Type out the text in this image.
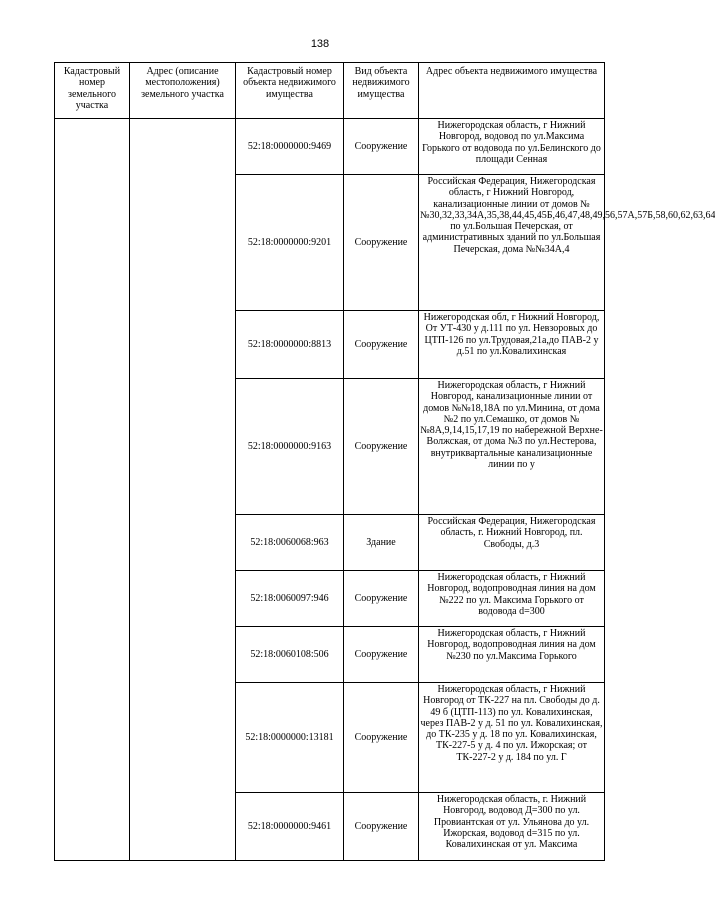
138
Кадастровый номер земельного участка	Адрес (описание местоположения) земельного участка	Кадастровый номер объекта недвижимого имущества	Вид объекта недвижимого имущества	Адрес объекта недвижимого имущества
		52:18:0000000:9469	Сооружение	Нижегородская область, г Нижний Новгород, водовод по ул.Максима Горького от водовода по ул.Белинского до площади Сенная
		52:18:0000000:9201	Сооружение	Российская Федерация, Нижегородская область, г Нижний Новгород, канализационные линии от домов №№30,32,33,34А,35,38,44,45,45Б,46,47,48,49,56,57А,57Б,58,60,62,63,64 по ул.Большая Печерская, от административных зданий по ул.Большая Печерская, дома №№34А,4
		52:18:0000000:8813	Сооружение	Нижегородская обл, г Нижний Новгород, От УТ-430 у д.111 по ул. Невзоровых до ЦТП-126 по ул.Трудовая,21а,до ПАВ-2 у д.51 по ул.Ковалихинская
		52:18:0000000:9163	Сооружение	Нижегородская область, г Нижний Новгород, канализационные линии от домов №№18,18А по ул.Минина, от дома №2 по ул.Семашко, от домов №№8А,9,14,15,17,19 по набережной Верхне-Волжская, от дома №3 по ул.Нестерова, внутриквартальные канализационные линии по у
		52:18:0060068:963	Здание	Российская Федерация, Нижегородская область, г. Нижний Новгород, пл. Свободы, д.3
		52:18:0060097:946	Сооружение	Нижегородская область, г Нижний Новгород, водопроводная линия на дом №222 по ул. Максима Горького от водовода d=300
		52:18:0060108:506	Сооружение	Нижегородская область, г Нижний Новгород, водопроводная линия на дом №230 по ул.Максима Горького
		52:18:0000000:13181	Сооружение	Нижегородская область, г Нижний Новгород от ТК-227 на пл. Свободы до д. 49 б (ЦТП-113) по ул. Ковалихинская, через ПАВ-2 у д. 51 по ул. Ковалихинская, до ТК-235 у д. 18 по ул. Ковалихинская, ТК-227-5 у д. 4 по ул. Ижорская; от ТК-227-2 у д. 184 по ул. Г
		52:18:0000000:9461	Сооружение	Нижегородская область, г. Нижний Новгород, водовод Д=300 по ул. Провиантская от ул. Ульянова до ул. Ижорская, водовод d=315 по ул. Ковалихинская от ул. Максима
